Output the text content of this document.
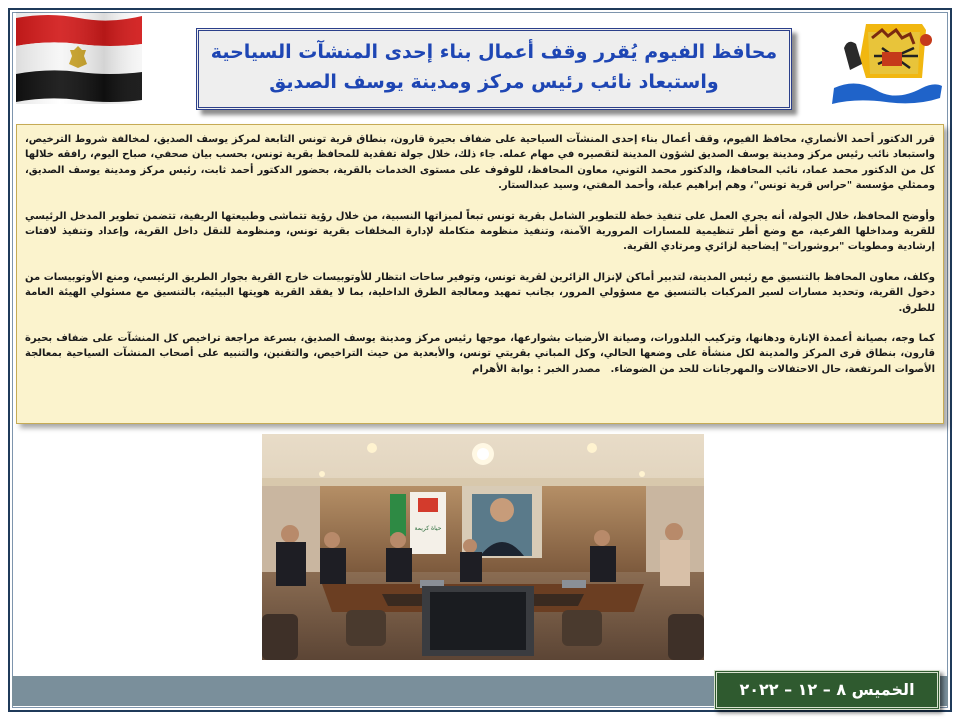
محافظ الفيوم يُقرر وقف أعمال بناء إحدى المنشآت السياحية
واستبعاد نائب رئيس مركز ومدينة يوسف الصديق

قرر الدكتور أحمد الأنصاري، محافظ الفيوم، وقف أعمال بناء إحدى المنشآت السياحية على ضفاف بحيرة قارون، بنطاق قرية تونس التابعة لمركز يوسف الصديق، لمخالفة شروط الترخيص، واستبعاد نائب رئيس مركز ومدينة يوسف الصديق لشؤون المدينة لتقصيره في مهام عمله. جاء ذلك، خلال جولة تفقدية للمحافظ بقرية تونس، بحسب بيان صحفي، صباح اليوم، رافقه خلالها كل من الدكتور محمد عماد، نائب المحافظ، والدكتور محمد التوني، معاون المحافظ، للوقوف على مستوى الخدمات بالقرية، بحضور الدكتور أحمد ثابت، رئيس مركز ومدينة يوسف الصديق، وممثلي مؤسسة "حراس قرية تونس"، وهم إبراهيم عبلة، وأحمد المفتي، وسيد عبدالستار.

وأوضح المحافظ، خلال الجولة، أنه يجري العمل على تنفيذ خطة للتطوير الشامل بقرية تونس تبعاً لميزاتها النسبية، من خلال رؤية تتماشى وطبيعتها الريفية، تتضمن تطوير المدخل الرئيسي للقرية ومداخلها الفرعية، مع وضع أطر تنظيمية للمسارات المرورية الآمنة، وتنفيذ منظومة متكاملة لإدارة المخلفات بقرية تونس، ومنظومة للنقل داخل القرية، وإعداد وتنفيذ لافتات إرشادية ومطويات "بروشورات" إيضاحية لزائري ومرتادي القرية.

وكلف، معاون المحافظ بالتنسيق مع رئيس المدينة، لتدبير أماكن لإنزال الزائرين لقرية تونس، وتوفير ساحات انتظار للأوتوبيسات خارج القرية بجوار الطريق الرئيسي، ومنع الأوتوبيسات من دخول القرية، وتحديد مسارات لسير المركبات بالتنسيق مع مسؤولي المرور، بجانب تمهيد ومعالجة الطرق الداخلية، بما لا يفقد القرية هويتها البيئية، بالتنسيق مع مسئولي الهيئة العامة للطرق.

كما وجه، بصيانة أعمدة الإنارة ودهانها، وتركيب البلدورات، وصيانة الأرضيات بشوارعها، موجها رئيس مركز ومدينة يوسف الصديق، بسرعة مراجعة تراخيص كل المنشآت على ضفاف بحيرة قارون، بنطاق قرى المركز والمدينة لكل منشأة على وضعها الحالي، وكل المباني بقريتي تونس، والأبعدية من حيث التراخيص، والتقنين، والتنبيه على أصحاب المنشآت السياحية بمعالجة الأصوات المرتفعة، حال الاحتفالات والمهرجانات للحد من الضوضاء.مصدر الخبر : بوابة الأهرام

حياة كريمة
الخميس ٨ – ١٢ – ٢٠٢٢
